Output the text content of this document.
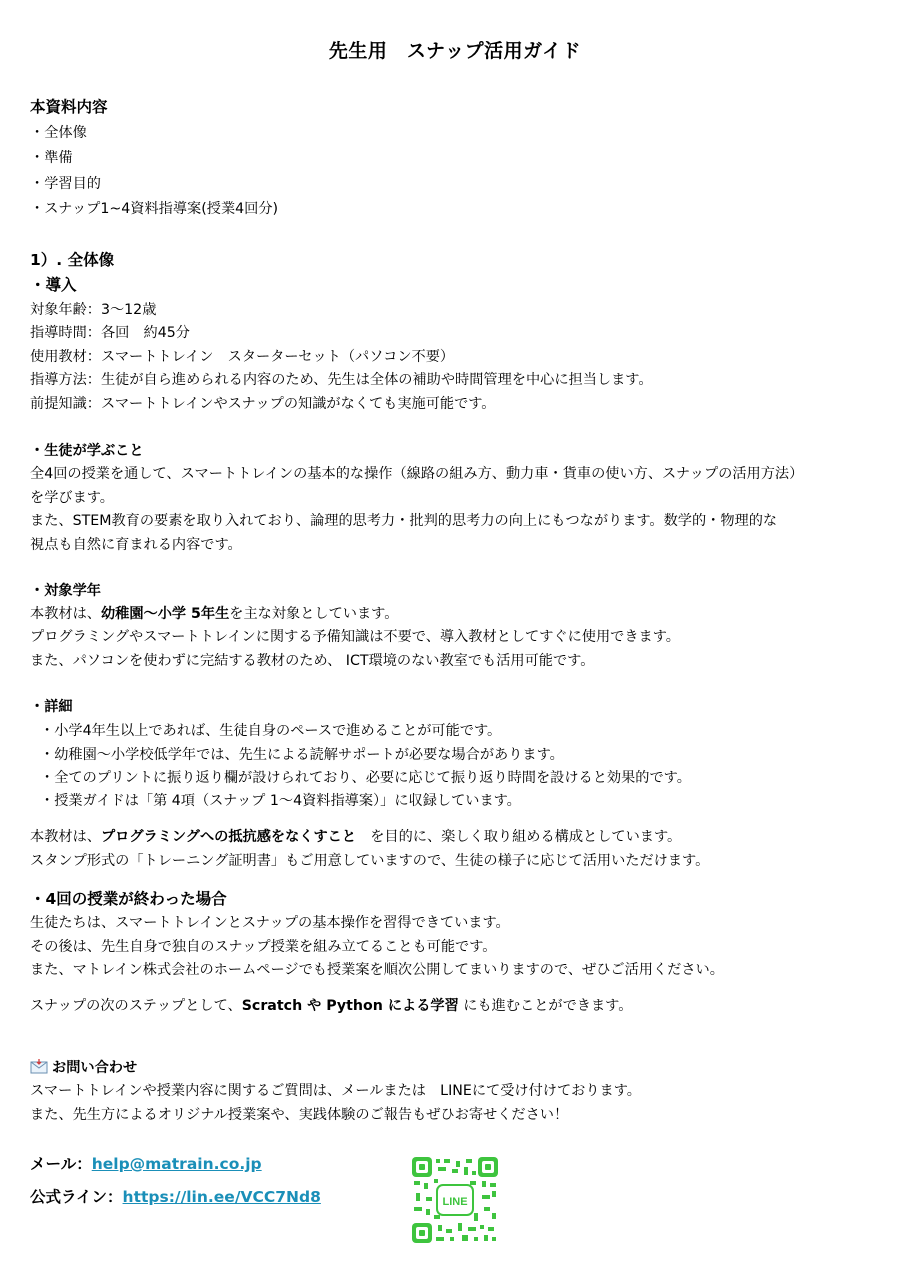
先生用　スナップ活用ガイド
本資料内容
・全体像
・準備
・学習目的
・スナップ1~4資料指導案(授業4回分)
1）. 全体像
・導入
対象年齢：3〜12歳
指導時間：各回　約45分
使用教材：スマートトレイン　スターターセット（パソコン不要）
指導方法：生徒が自ら進められる内容のため、先生は全体の補助や時間管理を中心に担当します。
前提知識：スマートトレインやスナップの知識がなくても実施可能です。
・生徒が学ぶこと
全4回の授業を通して、スマートトレインの基本的な操作（線路の組み方、動力車・貨車の使い方、スナップの活用方法）
を学びます。
また、STEM教育の要素を取り入れており、論理的思考力・批判的思考力の向上にもつながります。数学的・物理的な
視点も自然に育まれる内容です。
・対象学年
本教材は、幼稚園〜小学 5年生を主な対象としています。
プログラミングやスマートトレインに関する予備知識は不要で、導入教材としてすぐに使用できます。
また、パソコンを使わずに完結する教材のため、 ICT環境のない教室でも活用可能です。
・詳細
・小学4年生以上であれば、生徒自身のペースで進めることが可能です。
・幼稚園〜小学校低学年では、先生による読解サポートが必要な場合があります。
・全てのプリントに振り返り欄が設けられており、必要に応じて振り返り時間を設けると効果的です。
・授業ガイドは「第 4項（スナップ 1〜4資料指導案）」に収録しています。
本教材は、プログラミングへの抵抗感をなくすこと　を目的に、楽しく取り組める構成としています。
スタンプ形式の「トレーニング証明書」もご用意していますので、生徒の様子に応じて活用いただけます。
・4回の授業が終わった場合
生徒たちは、スマートトレインとスナップの基本操作を習得できています。
その後は、先生自身で独自のスナップ授業を組み立てることも可能です。
また、マトレイン株式会社のホームページでも授業案を順次公開してまいりますので、ぜひご活用ください。
スナップの次のステップとして、Scratch や Python による学習 にも進むことができます。
お問い合わせ
スマートトレインや授業内容に関するご質問は、メールまたは　LINEにて受け付けております。
また、先生方によるオリジナル授業案や、実践体験のご報告もぜひお寄せください！
メール：help@matrain.co.jp
公式ライン：https://lin.ee/VCC7Nd8	LINE
